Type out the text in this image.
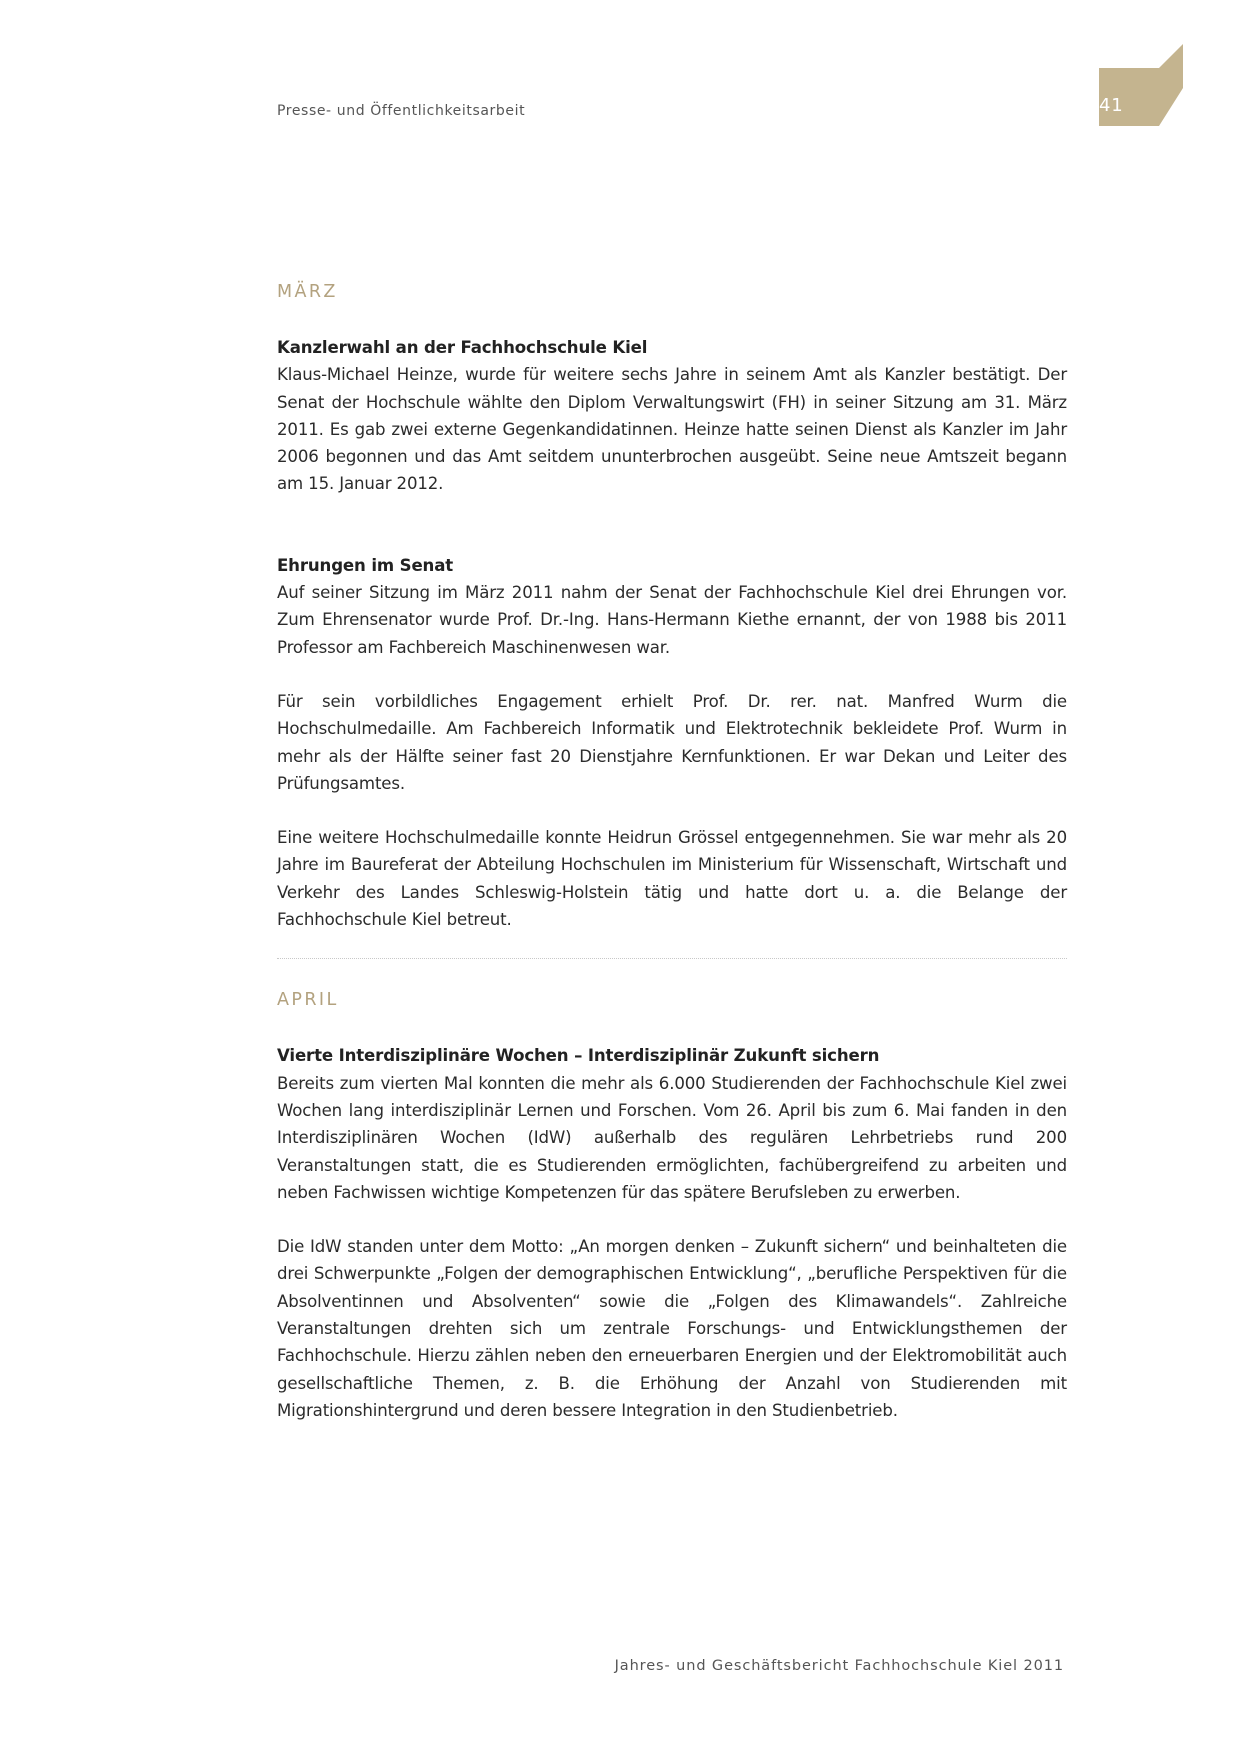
Presse- und Öffentlichkeitsarbeit	41
MÄRZ

Kanzlerwahl an der Fachhochschule Kiel

Klaus-Michael Heinze, wurde für weitere sechs Jahre in seinem Amt als Kanzler bestätigt. Der Senat der Hochschule wählte den Diplom Verwaltungswirt (FH) in seiner Sitzung am 31. März 2011. Es gab zwei externe Gegenkandidatinnen. Heinze hatte seinen Dienst als Kanzler im Jahr 2006 begonnen und das Amt seitdem ununterbrochen ausgeübt. Seine neue Amtszeit begann am 15. Januar 2012.

Ehrungen im Senat

Auf seiner Sitzung im März 2011 nahm der Senat der Fachhochschule Kiel drei Ehrungen vor. Zum Ehrensenator wurde Prof. Dr.-Ing. Hans-Hermann Kiethe ernannt, der von 1988 bis 2011 Professor am Fachbereich Maschinenwesen war.

Für sein vorbildliches Engagement erhielt Prof. Dr. rer. nat. Manfred Wurm die Hochschulmedaille. Am Fachbereich Informatik und Elektrotechnik bekleidete Prof. Wurm in mehr als der Hälfte seiner fast 20 Dienstjahre Kernfunktionen. Er war Dekan und Leiter des Prüfungsamtes.

Eine weitere Hochschulmedaille konnte Heidrun Grössel entgegennehmen. Sie war mehr als 20 Jahre im Baureferat der Abteilung Hochschulen im Ministerium für Wissenschaft, Wirtschaft und Verkehr des Landes Schleswig-Holstein tätig und hatte dort u. a. die Belange der Fachhochschule Kiel betreut.

APRIL

Vierte Interdisziplinäre Wochen – Interdisziplinär Zukunft sichern

Bereits zum vierten Mal konnten die mehr als 6.000 Studierenden der Fachhochschule Kiel zwei Wochen lang interdisziplinär Lernen und Forschen. Vom 26. April bis zum 6. Mai fanden in den Interdisziplinären Wochen (IdW) außerhalb des regulären Lehrbetriebs rund 200 Veranstaltungen statt, die es Studierenden ermöglichten, fachübergreifend zu arbeiten und neben Fachwissen wichtige Kompetenzen für das spätere Berufsleben zu erwerben.

Die IdW standen unter dem Motto: „An morgen denken – Zukunft sichern“ und beinhalteten die drei Schwerpunkte „Folgen der demographischen Entwicklung“, „berufliche Perspektiven für die Absolventinnen und Absolventen“ sowie die „Folgen des Klimawandels“. Zahlreiche Veranstaltungen drehten sich um zentrale Forschungs- und Entwicklungsthemen der Fachhochschule. Hierzu zählen neben den erneuerbaren Energien und der Elektromobilität auch gesellschaftliche Themen, z. B. die Erhöhung der Anzahl von Studierenden mit Migrationshintergrund und deren bessere Integration in den Studienbetrieb.

Jahres- und Geschäftsbericht Fachhochschule Kiel 2011
